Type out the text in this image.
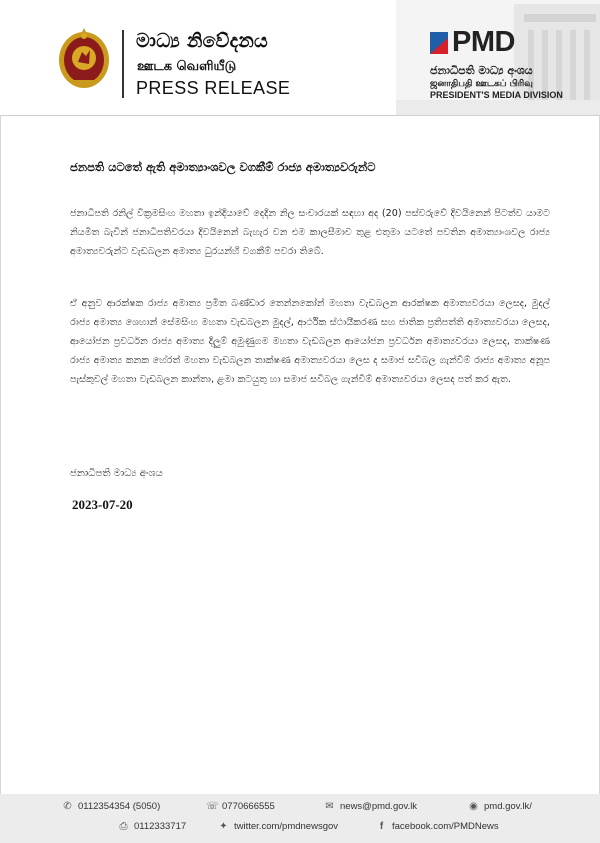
මාධ්‍ය නිවේදනය
ஊடக வெளியீடு
PRESS RELEASE
PMD
ජනාධිපති මාධ්‍ය අංශය
ஜனாதிபதி ஊடகப் பிரிவு
PRESIDENT'S MEDIA DIVISION
ජනපති යටතේ ඇති අමාත්‍යාංශවල වගකීම් රාජ්‍ය අමාත්‍යවරුන්ට
ජනාධිපති රනිල් වික්‍රමසිංහ මහතා ඉන්දියාවේ දෙදින නිල සංචාරයක් සඳහා අද (20) පස්වරුවේ දිවයිනෙන් පිටත්ව යාමට නියමිත බැවින් ජනාධිපතිවරයා දිවයිනෙන් බැහැර වන එම කාලසීමාව තුළ එතුමා යටතේ පවතින අමාත්‍යාංශවල රාජ්‍ය අමාත්‍යවරුන්ට වැඩබලන අමාත්‍ය ධුරයන්හි වගකීම් පවරා තිබේ.
ඒ අනුව ආරක්ෂක රාජ්‍ය අමාත්‍ය ප්‍රමිත බණ්ඩාර තෙන්නකෝන් මහතා වැඩබලන ආරක්ෂක අමාත්‍යවරයා ලෙසද, මුදල් රාජ්‍ය අමාත්‍ය ශෙහාන් සේමසිංහ මහතා වැඩබලන මුදල්, ආර්ථික ස්ථායීකරණ සහ ජාතික ප්‍රතිපත්ති අමාත්‍යවරයා ලෙසද, ආයෝජන ප්‍රවර්ධන රාජ්‍ය අමාත්‍ය දිලුම් අමුණුගම මහතා වැඩබලන ආයෝජන ප්‍රවර්ධන අමාත්‍යවරයා ලෙසද, තාක්ෂණ රාජ්‍ය අමාත්‍ය කනක හේරත් මහතා වැඩබලන තාක්ෂණ අමාත්‍යවරයා ලෙස ද සමාජ සවිබල ගැන්වීම් රාජ්‍ය අමාත්‍ය අනූප පැස්කුවල් මහතා වැඩබලන කාන්තා, ළමා කටයුතු හා සමාජ සවිබල ගැන්වීම් අමාත්‍යවරයා ලෙසද පත් කර ඇත.
ජනාධිපති මාධ්‍ය අංශය
2023-07-20
✆ 0112354354 (5050)	☏ 0770666555	✉ news@pmd.gov.lk	◉ pmd.gov.lk/
⎙ 0112333717	✦ twitter.com/pmdnewsgov	f facebook.com/PMDNews
